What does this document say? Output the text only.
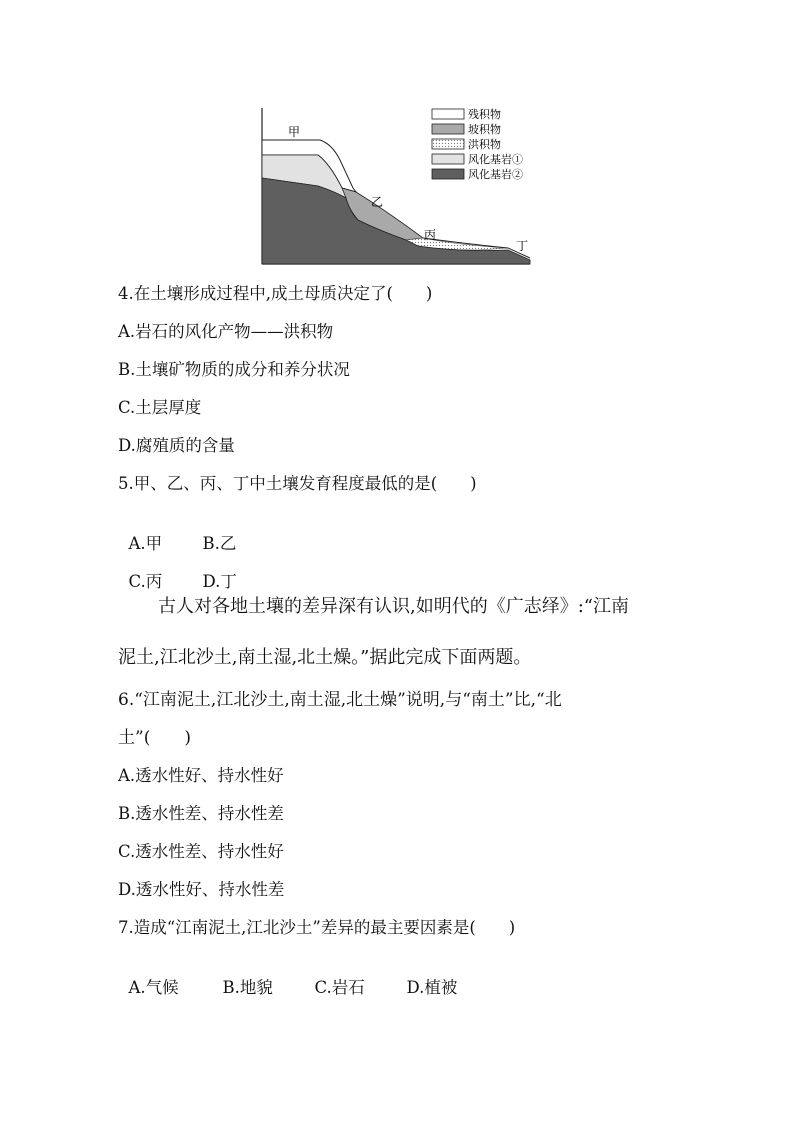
甲
乙
丙
丁
残积物
坡积物
洪积物
风化基岩①
风化基岩②
4.在土壤形成过程中,成土母质决定了(　　)
A.岩石的风化产物——洪积物
B.土壤矿物质的成分和养分状况
C.土层厚度
D.腐殖质的含量
5.甲、乙、丙、丁中土壤发育程度最低的是(　　)

A.甲 B.乙

C.丙 D.丁

古人对各地土壤的差异深有认识,如明代的《广志绎》:“江南
泥土,江北沙土,南土湿,北土燥。”据此完成下面两题。
6.“江南泥土,江北沙土,南土湿,北土燥”说明,与“南土”比,“北
土”(　　)
A.透水性好、持水性好
B.透水性差、持水性差
C.透水性差、持水性好
D.透水性好、持水性差
7.造成“江南泥土,江北沙土”差异的最主要因素是(　　)

A.气候	B.地貌	C.岩石	D.植被
